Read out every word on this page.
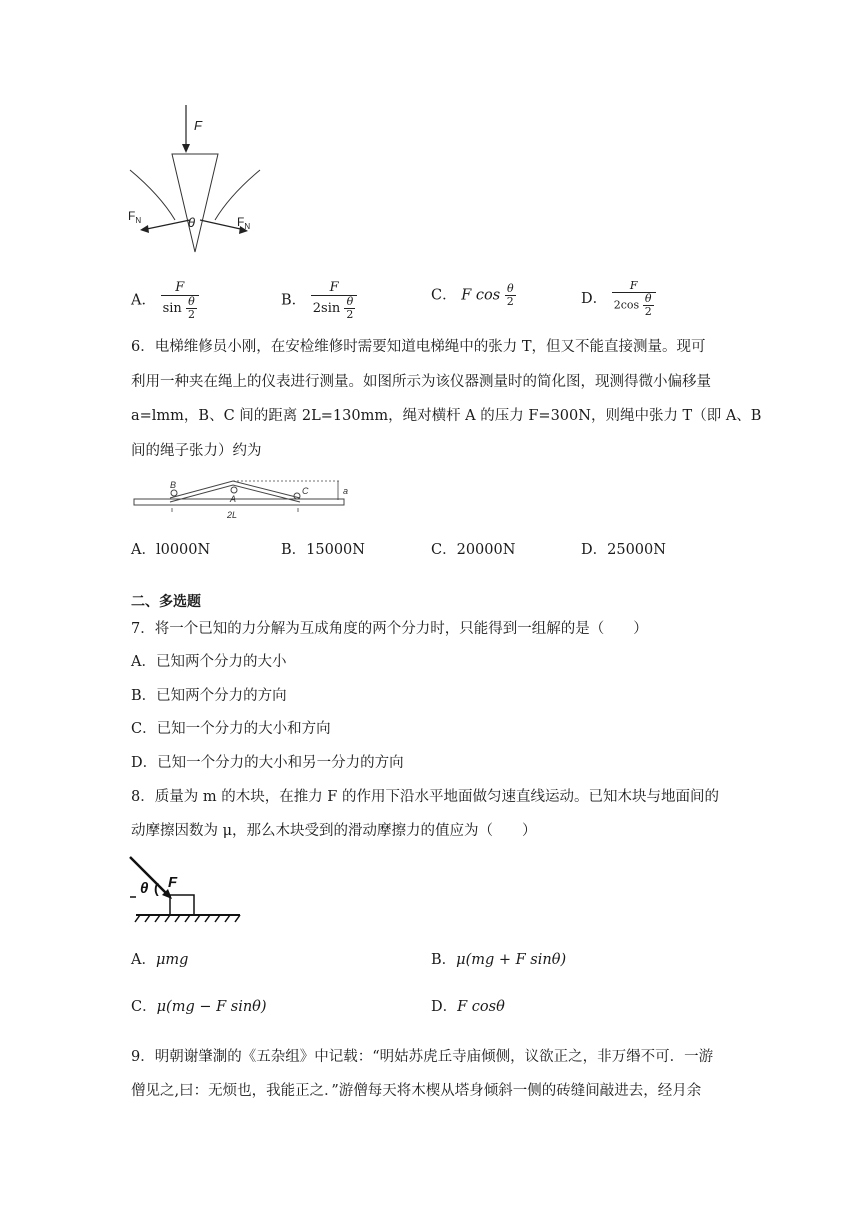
F
$F_N$	$F_N$
θ
A． $\frac{F}{\sin \frac{\theta}{2}}$	B． $\frac{F}{2\sin \frac{\theta}{2}}$	C． F $\cos \frac{\theta}{2}$	D． $\frac{F}{2\cos \frac{\theta}{2}}$
6．电梯维修员小刚，在安检维修时需要知道电梯绳中的张力 T，但又不能直接测量。现可
利用一种夹在绳上的仪表进行测量。如图所示为该仪器测量时的简化图，现测得微小偏移量
a=lmm，B、C 间的距离 2L=130mm，绳对横杆 A 的压力 F=300N，则绳中张力 T（即 A、B
间的绳子张力）约为
B
A
C	a
2L
A．l0000N	B．15000N	C．20000N	D．25000N
二、多选题
7．将一个已知的力分解为互成角度的两个分力时，只能得到一组解的是（　　）
A．已知两个分力的大小
B．已知两个分力的方向
C．已知一个分力的大小和方向
D．已知一个分力的大小和另一分力的方向
8．质量为 m 的木块，在推力 F 的作用下沿水平地面做匀速直线运动。已知木块与地面间的
动摩擦因数为 μ，那么木块受到的滑动摩擦力的值应为（　　）
θ ( F
A．μmg	B．μ(mg + F sinθ)
C．μ(mg − F sinθ)	D．F cosθ
9．明朝谢肇淛的《五杂组》中记载：“明姑苏虎丘寺庙倾侧，议欲正之，非万缗不可．一游
僧见之,曰：无烦也，我能正之．”游僧每天将木楔从塔身倾斜一侧的砖缝间敲进去，经月余
